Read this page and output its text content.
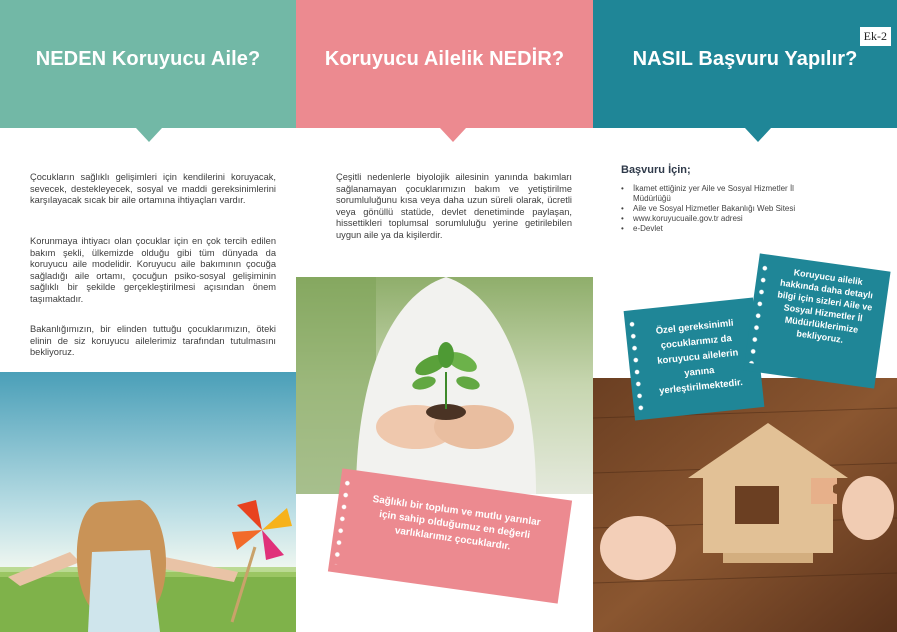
NEDEN Koruyucu Aile?

Çocukların sağlıklı gelişimleri için kendilerini koruyacak, sevecek, destekleyecek, sosyal ve maddi gereksinimlerini karşılayacak sıcak bir aile ortamına ihtiyaçları vardır.

Korunmaya ihtiyacı olan çocuklar için en çok tercih edilen bakım şekli, ülkemizde olduğu gibi tüm dünyada da koruyucu aile modelidir. Koruyucu aile bakımının çocuğa sağladığı aile ortamı, çocuğun psiko-sosyal gelişiminin sağlıklı bir şekilde gerçekleştirilmesi açısından önem taşımaktadır.

Bakanlığımızın, bir elinden tuttuğu çocuklarımızın, öteki elinin de siz koruyucu ailelerimiz tarafından tutulmasını bekliyoruz.

Koruyucu Ailelik NEDİR?

Çeşitli nedenlerle biyolojik ailesinin yanında bakımları sağlanamayan çocuklarımızın bakım ve yetiştirilme sorumluluğunu kısa veya daha uzun süreli olarak, ücretli veya gönüllü statüde, devlet denetiminde paylaşan, hissettikleri toplumsal sorumluluğu yerine getirilebilen uygun aile ya da kişilerdir.

Sağlıklı bir toplum ve mutlu yarınlar için sahip olduğumuz en değerli varlıklarımız çocuklardır.
NASIL Başvuru Yapılır?
Ek-2
Başvuru İçin;
• İkamet ettiğiniz yer Aile ve Sosyal Hizmetler İl Müdürlüğü
• Aile ve Sosyal Hizmetler Bakanlığı Web Sitesi
• www.koruyucuaile.gov.tr adresi
• e-Devlet
Özel gereksinimli çocuklarımız da koruyucu ailelerin yanına yerleştirilmektedir.
Koruyucu ailelik hakkında daha detaylı bilgi için sizleri Aile ve Sosyal Hizmetler İl Müdürlüklerimize bekliyoruz.
